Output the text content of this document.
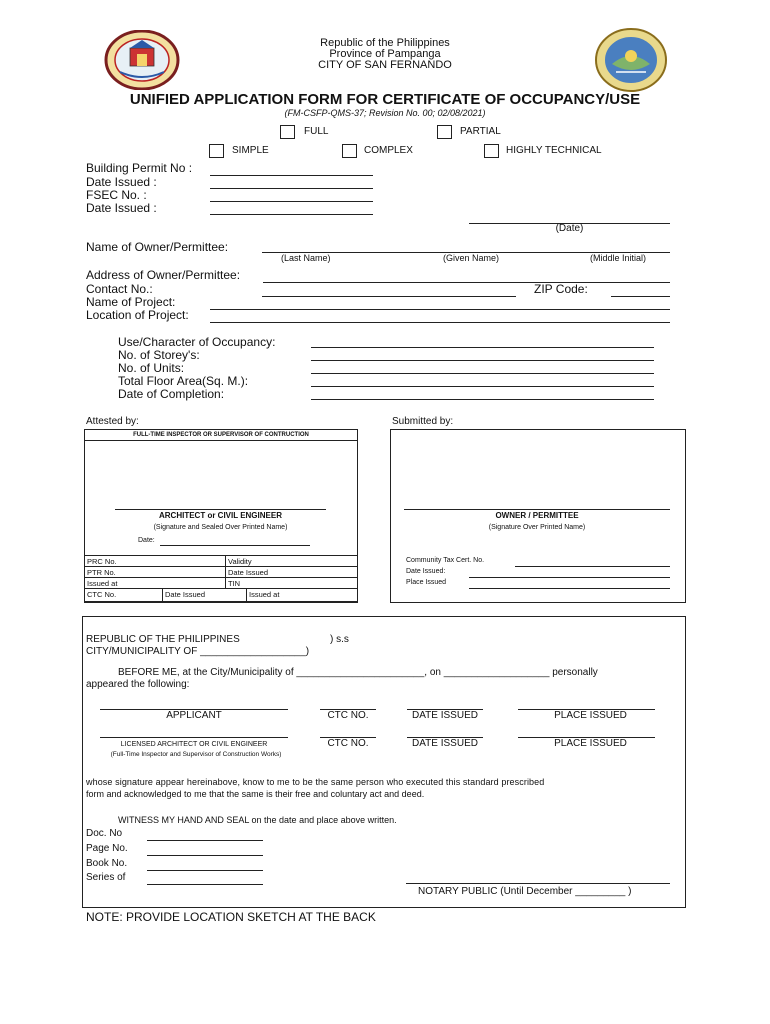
Republic of the Philippines
Province of Pampanga
CITY OF SAN FERNANDO
UNIFIED APPLICATION FORM FOR CERTIFICATE OF OCCUPANCY/USE
(FM-CSFP-QMS-37; Revision No. 00; 02/08/2021)
FULL	PARTIAL
SIMPLE	COMPLEX	HIGHLY TECHNICAL
Building Permit No :
Date Issued :
FSEC No. :
Date Issued :
(Date)
Name of Owner/Permittee:
(Last Name)	(Given Name)	(Middle Initial)
Address of Owner/Permittee:
Contact No.:	ZIP Code:
Name of Project:
Location of Project:
Use/Character of Occupancy:
No. of Storey's:
No. of Units:
Total Floor Area(Sq. M.):
Date of Completion:
Attested by:
FULL-TIME INSPECTOR OR SUPERVISOR OF CONTRUCTION
ARCHITECT or CIVIL ENGINEER
(Signature and Sealed Over Printed Name)
Date:
PRC No.	Validity
PTR No.	Date Issued
Issued at	TIN
CTC No.	Date Issued	Issued at
Submitted by:
OWNER / PERMITTEE
(Signature Over Printed Name)
Community Tax Cert. No.
Date Issued:
Place Issued
REPUBLIC OF THE PHILIPPINES	) s.s
CITY/MUNICIPALITY OF ___________________)
BEFORE ME, at the City/Municipality of _______________________, on ___________________ personally
appeared the following:
APPLICANT	CTC NO.	DATE ISSUED	PLACE ISSUED
LICENSED ARCHITECT OR CIVIL ENGINEER
(Full-Time Inspector and Supervisor of Construction Works)
CTC NO.	DATE ISSUED	PLACE ISSUED
whose signature appear hereinabove, know to me to be the same person who executed this standard prescribed
form and acknowledged to me that the same is their free and coluntary act and deed.
WITNESS MY HAND AND SEAL on the date and place above written.
Doc. No
Page No.
Book No.
Series of
NOTARY PUBLIC (Until December _________ )
NOTE: PROVIDE LOCATION SKETCH AT THE BACK
